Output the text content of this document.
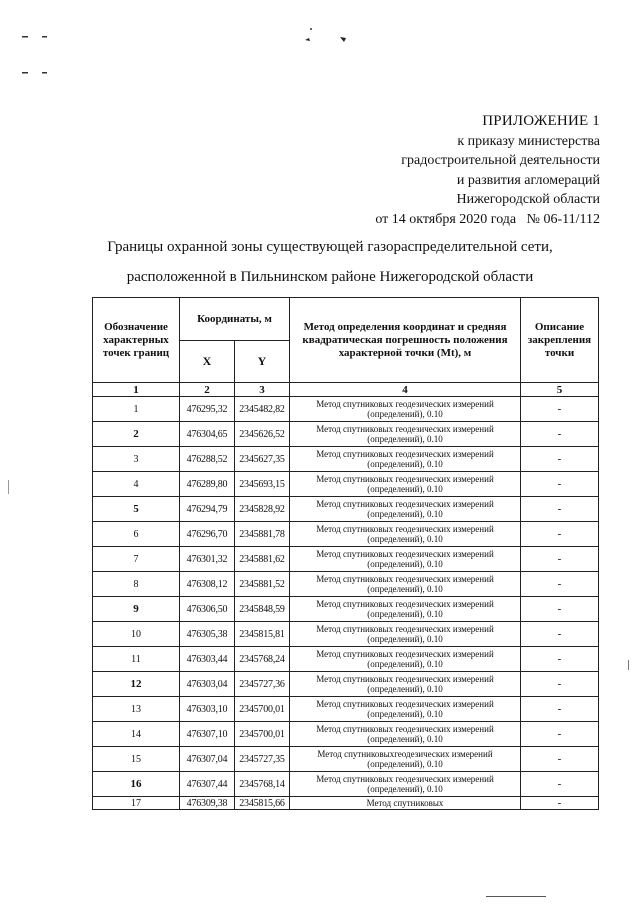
ПРИЛОЖЕНИЕ 1
к приказу министерства
градостроительной деятельности
и развития агломераций
Нижегородской области
от 14 октября 2020 года   № 06-11/112
Границы охранной зоны существующей газораспределительной сети,
расположенной в Пильнинском районе Нижегородской области
Обозначение характерных точек границ	Координаты, м		Метод определения координат и средняя квадратическая погрешность положения характерной точки (Mt), м	Описание закрепления точки
	X	Y		
1	2	3	4	5
1	476295,32	2345482,82	Метод спутниковых геодезических измерений (определений), 0.10	-
2	476304,65	2345626,52	Метод спутниковых геодезических измерений (определений), 0.10	-
3	476288,52	2345627,35	Метод спутниковых геодезических измерений (определений), 0.10	-
4	476289,80	2345693,15	Метод спутниковых геодезических измерений (определений), 0.10	-
5	476294,79	2345828,92	Метод спутниковых геодезических измерений (определений), 0.10	-
6	476296,70	2345881,78	Метод спутниковых геодезических измерений (определений), 0.10	-
7	476301,32	2345881,62	Метод спутниковых геодезических измерений (определений), 0.10	-
8	476308,12	2345881,52	Метод спутниковых геодезических измерений (определений), 0.10	-
9	476306,50	2345848,59	Метод спутниковых геодезических измерений (определений), 0.10	-
10	476305,38	2345815,81	Метод спутниковых геодезических измерений (определений), 0.10	-
11	476303,44	2345768,24	Метод спутниковых геодезических измерений (определений), 0.10	-
12	476303,04	2345727,36	Метод спутниковых геодезических измерений (определений), 0.10	-
13	476303,10	2345700,01	Метод спутниковых геодезических измерений (определений), 0.10	-
14	476307,10	2345700,01	Метод спутниковых геодезических измерений (определений), 0.10	-
15	476307,04	2345727,35	Метод спутниковыхгеодезических измерений (определений), 0.10	-
16	476307,44	2345768,14	Метод спутниковых геодезических измерений (определений), 0.10	-
17	476309,38	2345815,66	Метод спутниковых	-
